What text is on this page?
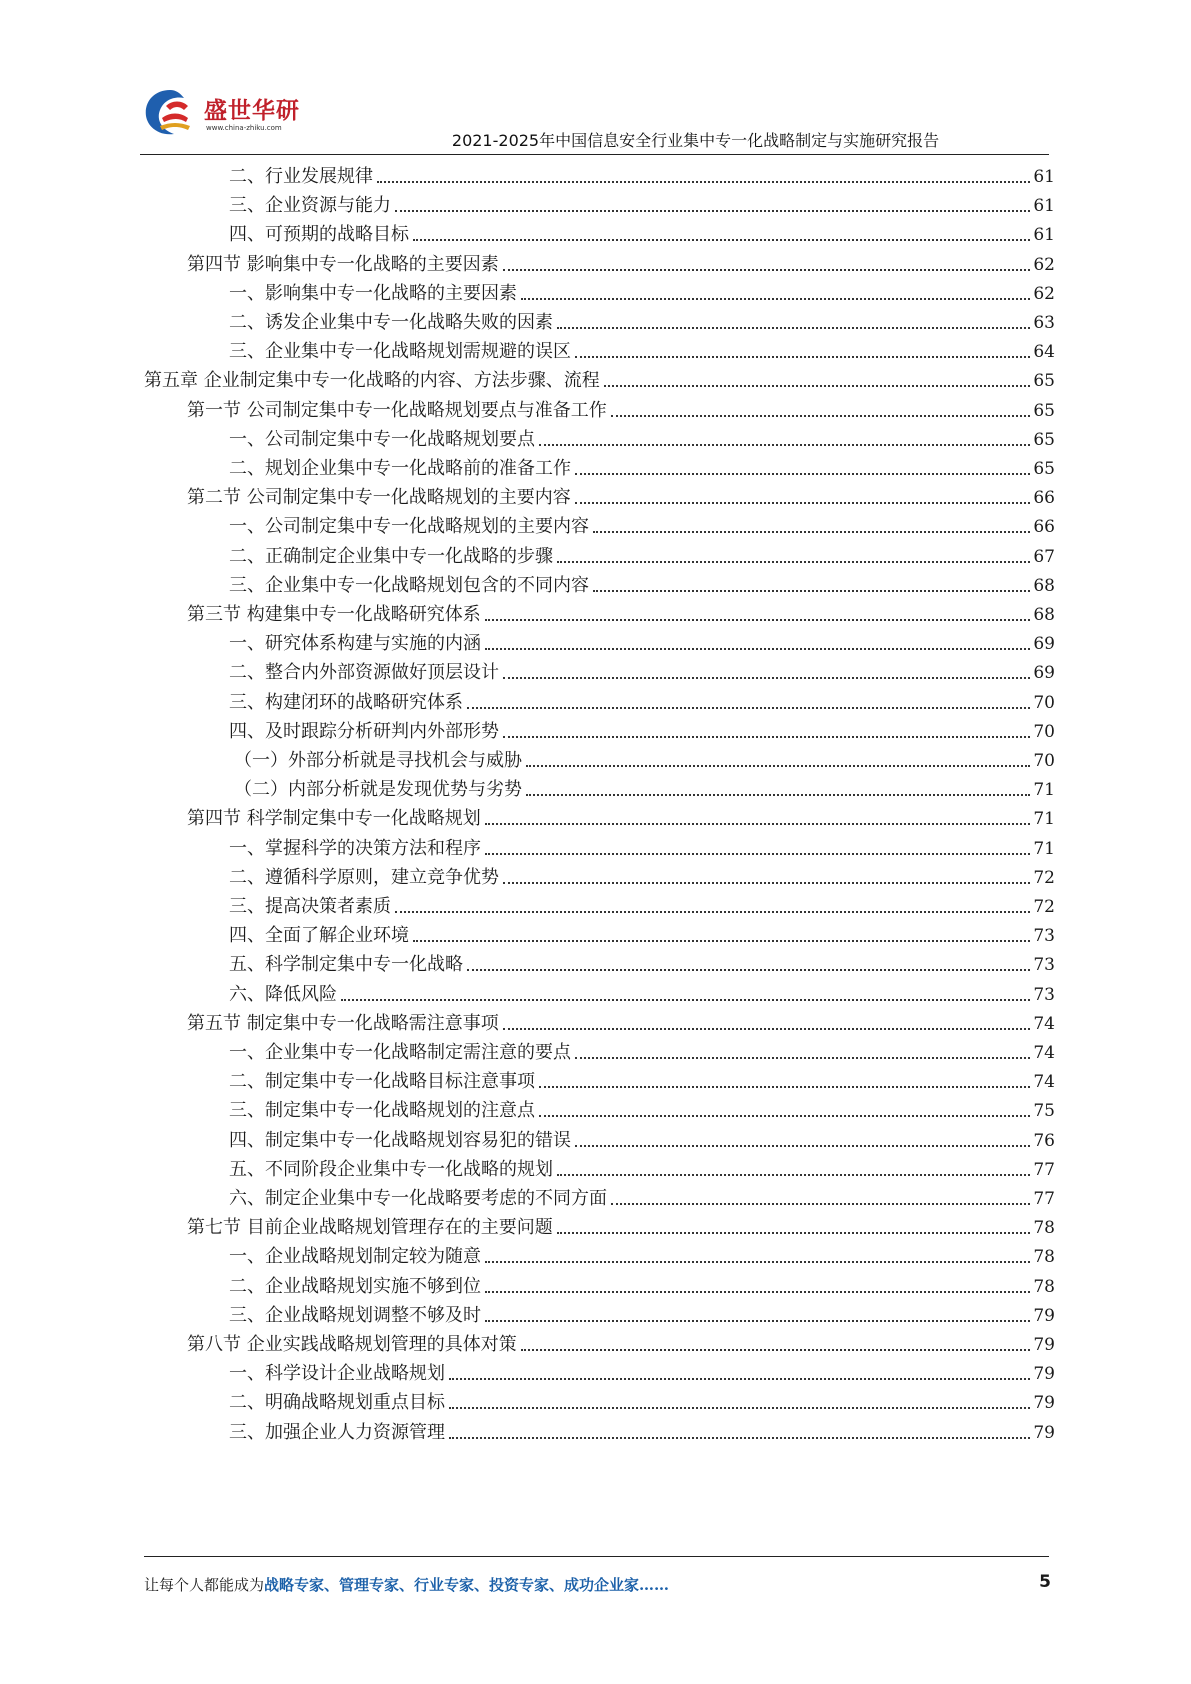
盛世华研
www.china-zhiku.com
2021-2025年中国信息安全行业集中专一化战略制定与实施研究报告
二、行业发展规律	61
三、企业资源与能力	61
四、可预期的战略目标	61
第四节 影响集中专一化战略的主要因素	62
一、影响集中专一化战略的主要因素	62
二、诱发企业集中专一化战略失败的因素	63
三、企业集中专一化战略规划需规避的误区	64
第五章 企业制定集中专一化战略的内容、方法步骤、流程	65
第一节 公司制定集中专一化战略规划要点与准备工作	65
一、公司制定集中专一化战略规划要点	65
二、规划企业集中专一化战略前的准备工作	65
第二节 公司制定集中专一化战略规划的主要内容	66
一、公司制定集中专一化战略规划的主要内容	66
二、正确制定企业集中专一化战略的步骤	67
三、企业集中专一化战略规划包含的不同内容	68
第三节 构建集中专一化战略研究体系	68
一、研究体系构建与实施的内涵	69
二、整合内外部资源做好顶层设计	69
三、构建闭环的战略研究体系	70
四、及时跟踪分析研判内外部形势	70
（一）外部分析就是寻找机会与威胁	70
（二）内部分析就是发现优势与劣势	71
第四节 科学制定集中专一化战略规划	71
一、掌握科学的决策方法和程序	71
二、遵循科学原则，建立竞争优势	72
三、提高决策者素质	72
四、全面了解企业环境	73
五、科学制定集中专一化战略	73
六、降低风险	73
第五节 制定集中专一化战略需注意事项	74
一、企业集中专一化战略制定需注意的要点	74
二、制定集中专一化战略目标注意事项	74
三、制定集中专一化战略规划的注意点	75
四、制定集中专一化战略规划容易犯的错误	76
五、不同阶段企业集中专一化战略的规划	77
六、制定企业集中专一化战略要考虑的不同方面	77
第七节 目前企业战略规划管理存在的主要问题	78
一、企业战略规划制定较为随意	78
二、企业战略规划实施不够到位	78
三、企业战略规划调整不够及时	79
第八节 企业实践战略规划管理的具体对策	79
一、科学设计企业战略规划	79
二、明确战略规划重点目标	79
三、加强企业人力资源管理	79
让每个人都能成为战略专家、管理专家、行业专家、投资专家、成功企业家……	5
